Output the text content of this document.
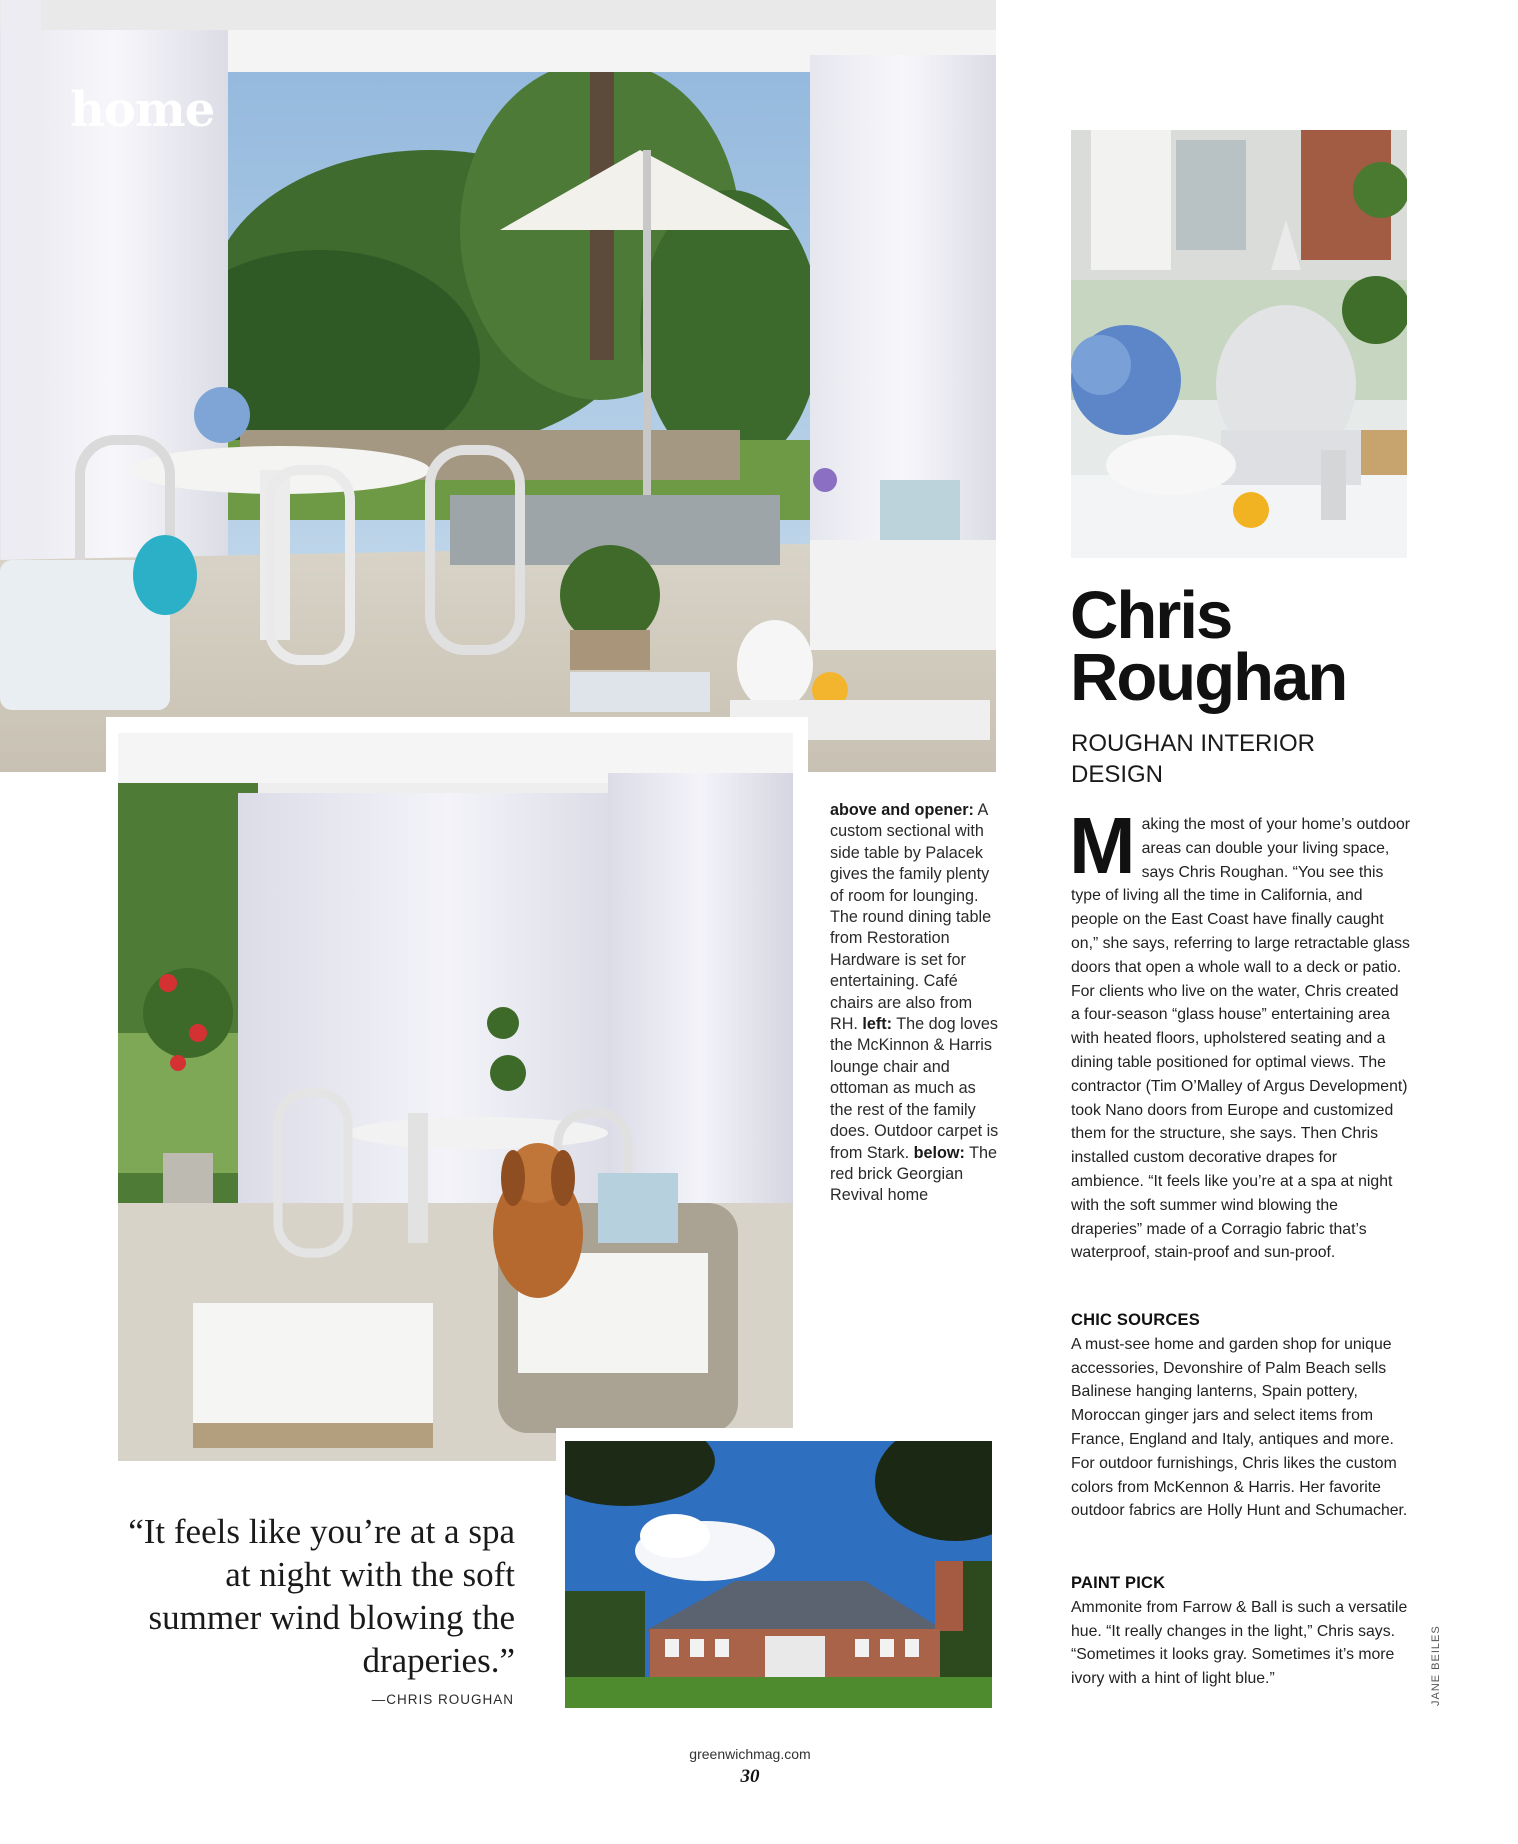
home
Chris
Roughan
ROUGHAN INTERIOR DESIGN
above and opener: A custom sectional with side table by Palacek gives the family plenty of room for lounging. The round dining table from Restoration Hardware is set for entertaining. Café chairs are also from RH. left: The dog loves the McKinnon & Harris lounge chair and ottoman as much as the rest of the family does. Outdoor carpet is from Stark. below: The red brick Georgian Revival home
“It feels like you’re at a spa at night with the soft summer wind blowing the draperies.”
—CHRIS ROUGHAN
Making the most of your home’s outdoor areas can double your living space, says Chris Roughan. “You see this type of living all the time in California, and people on the East Coast have finally caught on,” she says, referring to large retractable glass doors that open a whole wall to a deck or patio. For clients who live on the water, Chris created a four-season “glass house” entertaining area with heated floors, upholstered seating and a dining table positioned for optimal views. The contractor (Tim O’Malley of Argus Development) took Nano doors from Europe and customized them for the structure, she says. Then Chris installed custom decorative drapes for ambience. “It feels like you’re at a spa at night with the soft summer wind blowing the draperies” made of a Corragio fabric that’s waterproof, stain-proof and sun-proof.
CHIC SOURCES
A must-see home and garden shop for unique accessories, Devonshire of Palm Beach sells Balinese hanging lanterns, Spain pottery, Moroccan ginger jars and select items from France, England and Italy, antiques and more. For outdoor furnishings, Chris likes the custom colors from McKennon & Harris. Her favorite outdoor fabrics are Holly Hunt and Schumacher.
PAINT PICK
Ammonite from Farrow & Ball is such a versatile hue. “It really changes in the light,” Chris says. “Sometimes it looks gray. Sometimes it’s more ivory with a hint of light blue.”	JANE BEILES
greenwichmag.com
30
